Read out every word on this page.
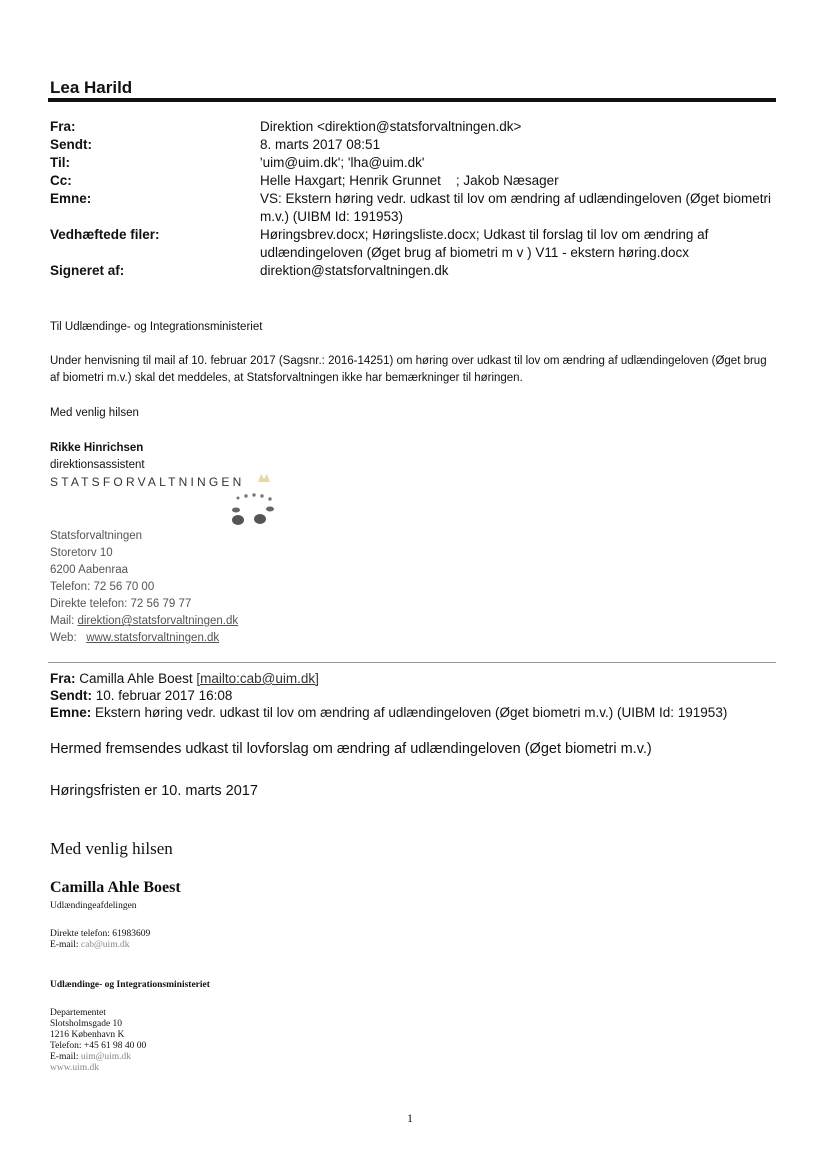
Lea Harild
Fra:	Direktion <direktion@statsforvaltningen.dk>
Sendt:	8. marts 2017 08:51
Til:	'uim@uim.dk'; 'lha@uim.dk'
Cc:	Helle Haxgart; Henrik Grunnet    ; Jakob Næsager
Emne:	VS: Ekstern høring vedr. udkast til lov om ændring af udlændingeloven (Øget biometri m.v.) (UIBM Id: 191953)
Vedhæftede filer:	Høringsbrev.docx; Høringsliste.docx; Udkast til forslag til lov om ændring af udlændingeloven (Øget brug af biometri m v ) V11 - ekstern høring.docx
Signeret af:	direktion@statsforvaltningen.dk
Til Udlændinge- og Integrationsministeriet
Under henvisning til mail af 10. februar 2017 (Sagsnr.: 2016-14251) om høring over udkast til lov om ændring af udlændingeloven (Øget brug af biometri m.v.) skal det meddeles, at Statsforvaltningen ikke har bemærkninger til høringen.
Med venlig hilsen
Rikke Hinrichsen
direktionsassistent
STATSFORVALTNINGEN
Statsforvaltningen
Storetorv 10
6200 Aabenraa
Telefon: 72 56 70 00
Direkte telefon: 72 56 79 77
Mail: direktion@statsforvaltningen.dk
Web: www.statsforvaltningen.dk
Fra: Camilla Ahle Boest [mailto:cab@uim.dk]
Sendt: 10. februar 2017 16:08
Emne: Ekstern høring vedr. udkast til lov om ændring af udlændingeloven (Øget biometri m.v.) (UIBM Id: 191953)
Hermed fremsendes udkast til lovforslag om ændring af udlændingeloven (Øget biometri m.v.)
Høringsfristen er 10. marts 2017
Med venlig hilsen
Camilla Ahle Boest
Udlændingeafdelingen
Direkte telefon: 61983609
E-mail: cab@uim.dk
Udlændinge- og Integrationsministeriet
Departementet
Slotsholmsgade 10
1216 København K
Telefon: +45 61 98 40 00
E-mail: uim@uim.dk
www.uim.dk
1
